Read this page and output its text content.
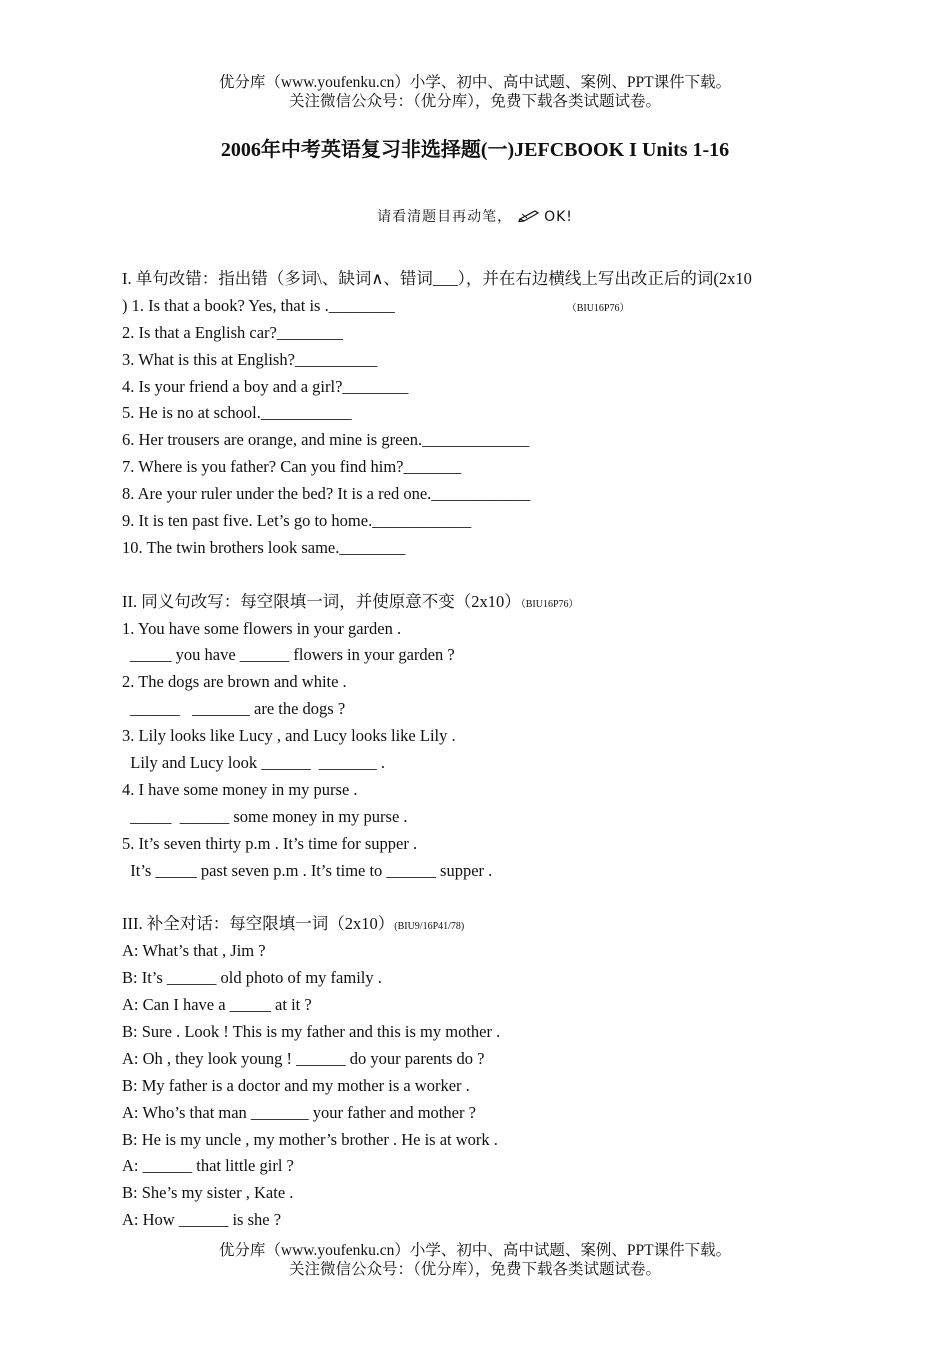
优分库（www.youfenku.cn）小学、初中、高中试题、案例、PPT课件下载。
关注微信公众号：（优分库），免费下载各类试题试卷。
2006年中考英语复习非选择题(一)JEFCBOOK I Units 1-16
请看清题目再动笔， OK!
I. 单句改错：指出错（多词\、缺词∧、错词___），并在右边横线上写出改正后的词(2x10
) 1. Is that a book? Yes, that is .________	（BIU16P76）
2. Is that a English car?________
3. What is this at English?__________
4. Is your friend a boy and a girl?________
5. He is no at school.___________
6. Her trousers are orange, and mine is green._____________
7. Where is you father? Can you find him?_______
8. Are your ruler under the bed? It is a red one.____________
9. It is ten past five. Let’s go to home.____________
10. The twin brothers look same.________
II. 同义句改写：每空限填一词，并使原意不变（2x10）（BIU16P76）
1. You have some flowers in your garden .
_____ you have ______ flowers in your garden ?
2. The dogs are brown and white .
______   _______ are the dogs ?
3. Lily looks like Lucy , and Lucy looks like Lily .
Lily and Lucy look ______  _______ .
4. I have some money in my purse .
_____  ______ some money in my purse .
5. It’s seven thirty p.m . It’s time for supper .
It’s _____ past seven p.m . It’s time to ______ supper .
III. 补全对话：每空限填一词（2x10）(BIU9/16P41/78)
A: What’s that , Jim ?
B: It’s ______ old photo of my family .
A: Can I have a _____ at it ?
B: Sure . Look ! This is my father and this is my mother .
A: Oh , they look young ! ______ do your parents do ?
B: My father is a doctor and my mother is a worker .
A: Who’s that man _______ your father and mother ?
B: He is my uncle , my mother’s brother . He is at work .
A: ______ that little girl ?
B: She’s my sister , Kate .
A: How ______ is she ?
优分库（www.youfenku.cn）小学、初中、高中试题、案例、PPT课件下载。
关注微信公众号：（优分库），免费下载各类试题试卷。
